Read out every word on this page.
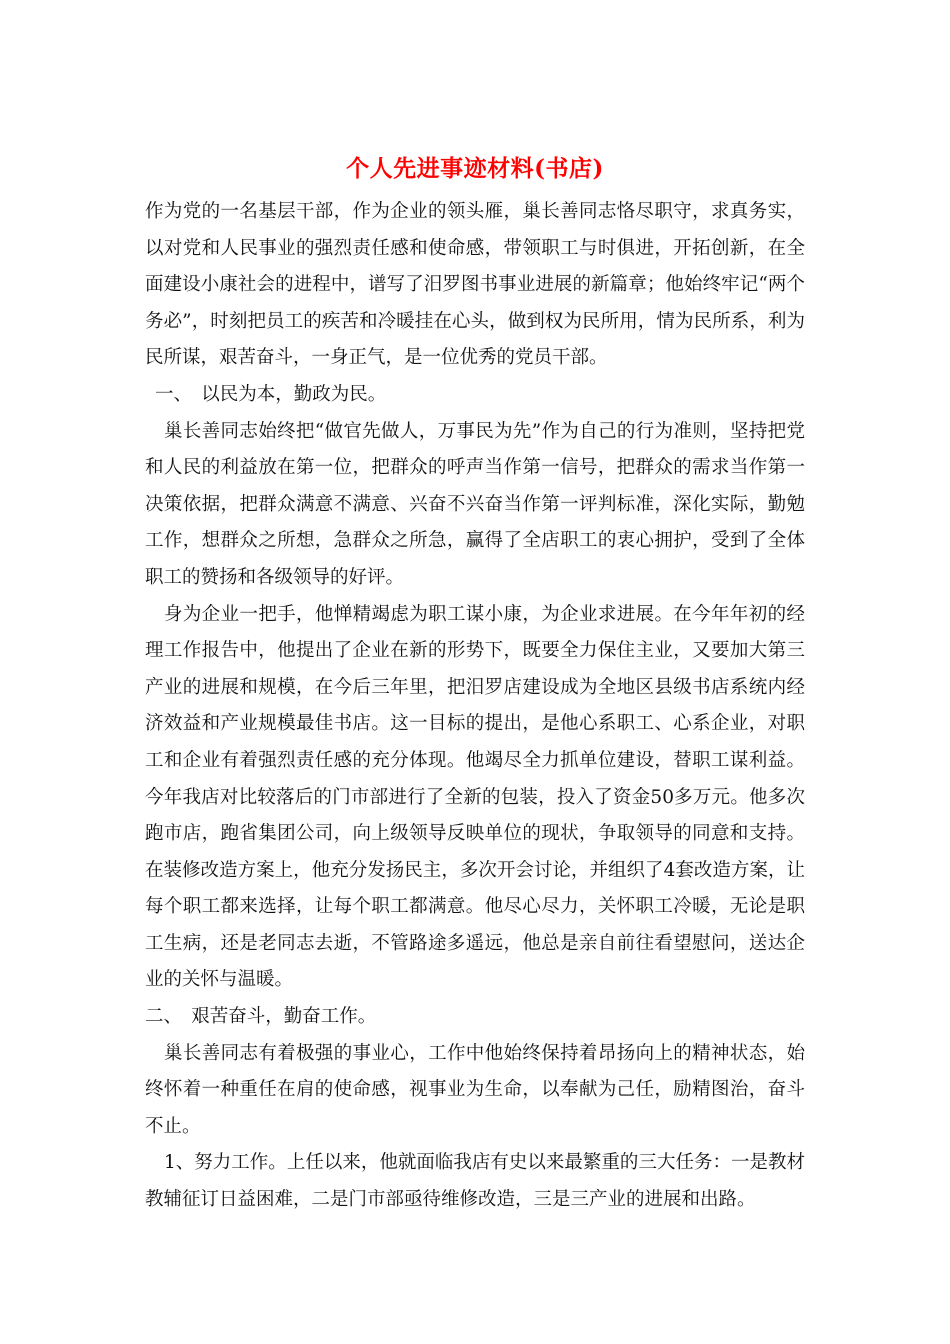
个人先进事迹材料(书店)

作为党的一名基层干部，作为企业的领头雁，巢长善同志恪尽职守，求真务实，以对党和人民事业的强烈责任感和使命感，带领职工与时俱进，开拓创新，在全面建设小康社会的进程中，谱写了汨罗图书事业进展的新篇章；他始终牢记“两个务必”，时刻把员工的疾苦和冷暖挂在心头，做到权为民所用，情为民所系，利为民所谋，艰苦奋斗，一身正气，是一位优秀的党员干部。

一、　以民为本，勤政为民。

巢长善同志始终把“做官先做人，万事民为先”作为自己的行为准则，坚持把党和人民的利益放在第一位，把群众的呼声当作第一信号，把群众的需求当作第一决策依据，把群众满意不满意、兴奋不兴奋当作第一评判标准，深化实际，勤勉工作，想群众之所想，急群众之所急，赢得了全店职工的衷心拥护，受到了全体职工的赞扬和各级领导的好评。

身为企业一把手，他惮精竭虑为职工谋小康，为企业求进展。在今年年初的经理工作报告中，他提出了企业在新的形势下，既要全力保住主业，又要加大第三产业的进展和规模，在今后三年里，把汨罗店建设成为全地区县级书店系统内经济效益和产业规模最佳书店。这一目标的提出，是他心系职工、心系企业，对职工和企业有着强烈责任感的充分体现。他竭尽全力抓单位建设，替职工谋利益。今年我店对比较落后的门市部进行了全新的包装，投入了资金50多万元。他多次跑市店，跑省集团公司，向上级领导反映单位的现状，争取领导的同意和支持。在装修改造方案上，他充分发扬民主，多次开会讨论，并组织了4套改造方案，让每个职工都来选择，让每个职工都满意。他尽心尽力，关怀职工冷暖，无论是职工生病，还是老同志去逝，不管路途多遥远，他总是亲自前往看望慰问，送达企业的关怀与温暖。

二、　艰苦奋斗，勤奋工作。

巢长善同志有着极强的事业心，工作中他始终保持着昂扬向上的精神状态，始终怀着一种重任在肩的使命感，视事业为生命，以奉献为己任，励精图治，奋斗不止。

1、努力工作。上任以来，他就面临我店有史以来最繁重的三大任务：一是教材教辅征订日益困难，二是门市部亟待维修改造，三是三产业的进展和出路。
